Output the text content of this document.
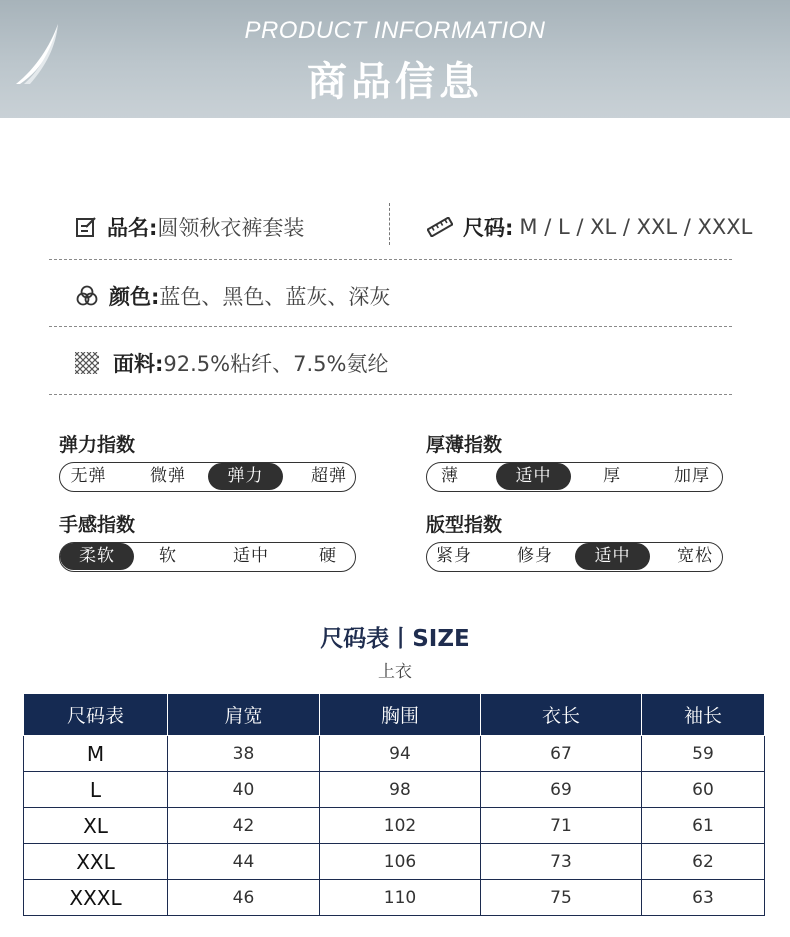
PRODUCT INFORMATION
商品信息
品名: 圆领秋衣裤套装	尺码: M / L / XL / XXL / XXXL
颜色: 蓝色、黑色、蓝灰、深灰
面料: 92.5%粘纤、7.5%氨纶
弹力指数
无弹	微弹	弹力	超弹
厚薄指数
薄	适中	厚	加厚
手感指数
柔软	软	适中	硬
版型指数
紧身	修身	适中	宽松
尺码表丨SIZE
上衣
尺码表	肩宽	胸围	衣长	袖长
M	38	94	67	59
L	40	98	69	60
XL	42	102	71	61
XXL	44	106	73	62
XXXL	46	110	75	63
